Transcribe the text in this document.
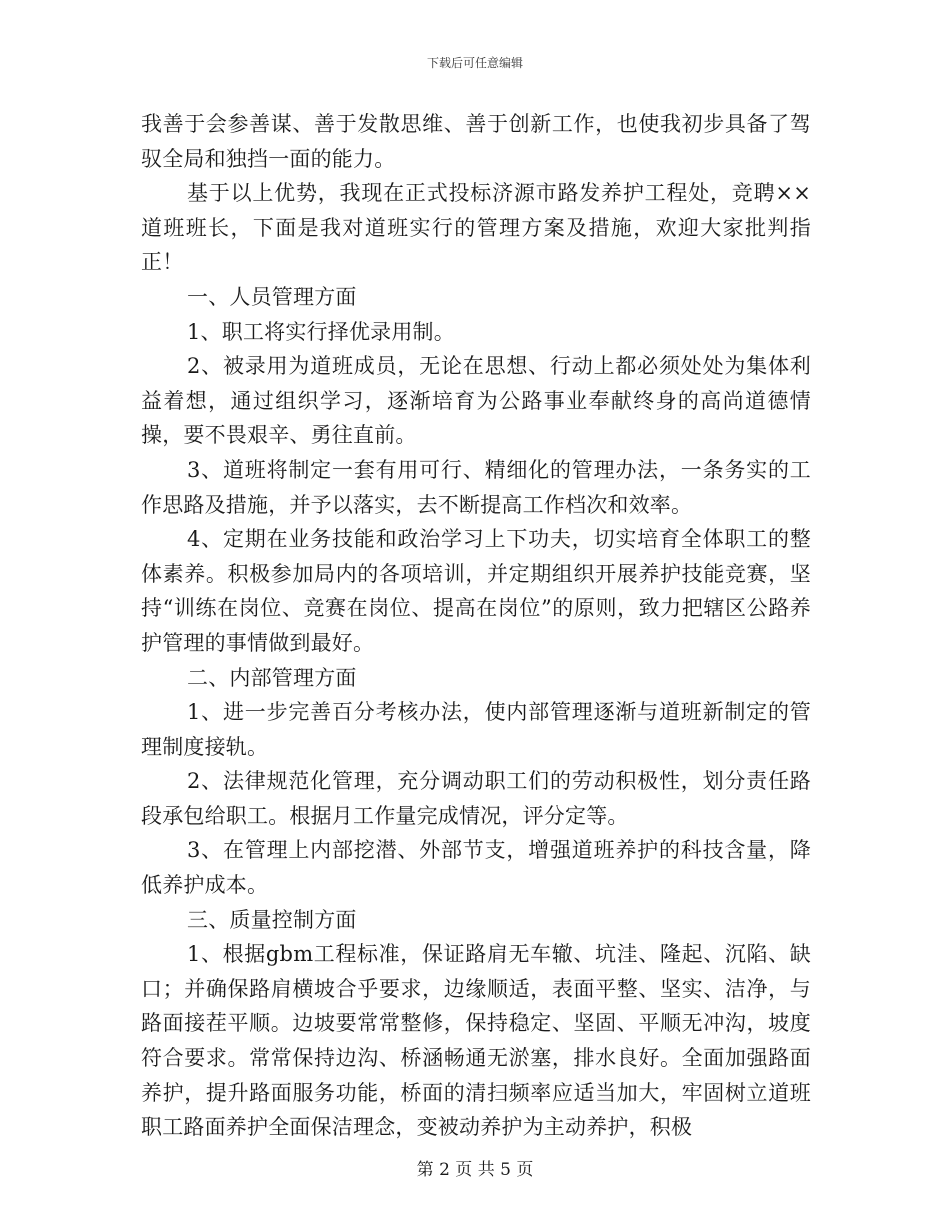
下载后可任意编辑

我善于会参善谋、善于发散思维、善于创新工作，也使我初步具备了驾驭全局和独挡一面的能力。

基于以上优势，我现在正式投标济源市路发养护工程处，竞聘××道班班长，下面是我对道班实行的管理方案及措施，欢迎大家批判指正！

一、人员管理方面

1、职工将实行择优录用制。

2、被录用为道班成员，无论在思想、行动上都必须处处为集体利益着想，通过组织学习，逐渐培育为公路事业奉献终身的高尚道德情操，要不畏艰辛、勇往直前。

3、道班将制定一套有用可行、精细化的管理办法，一条务实的工作思路及措施，并予以落实，去不断提高工作档次和效率。

4、定期在业务技能和政治学习上下功夫，切实培育全体职工的整体素养。积极参加局内的各项培训，并定期组织开展养护技能竞赛，坚持“训练在岗位、竞赛在岗位、提高在岗位”的原则，致力把辖区公路养护管理的事情做到最好。

二、内部管理方面

1、进一步完善百分考核办法，使内部管理逐渐与道班新制定的管理制度接轨。

2、法律规范化管理，充分调动职工们的劳动积极性，划分责任路段承包给职工。根据月工作量完成情况，评分定等。

3、在管理上内部挖潜、外部节支，增强道班养护的科技含量，降低养护成本。

三、质量控制方面

1、根据gbm工程标准，保证路肩无车辙、坑洼、隆起、沉陷、缺口；并确保路肩横坡合乎要求，边缘顺适，表面平整、坚实、洁净，与路面接茬平顺。边坡要常常整修，保持稳定、坚固、平顺无冲沟，坡度符合要求。常常保持边沟、桥涵畅通无淤塞，排水良好。全面加强路面养护，提升路面服务功能，桥面的清扫频率应适当加大，牢固树立道班职工路面养护全面保洁理念，变被动养护为主动养护，积极

第 2 页 共 5 页
